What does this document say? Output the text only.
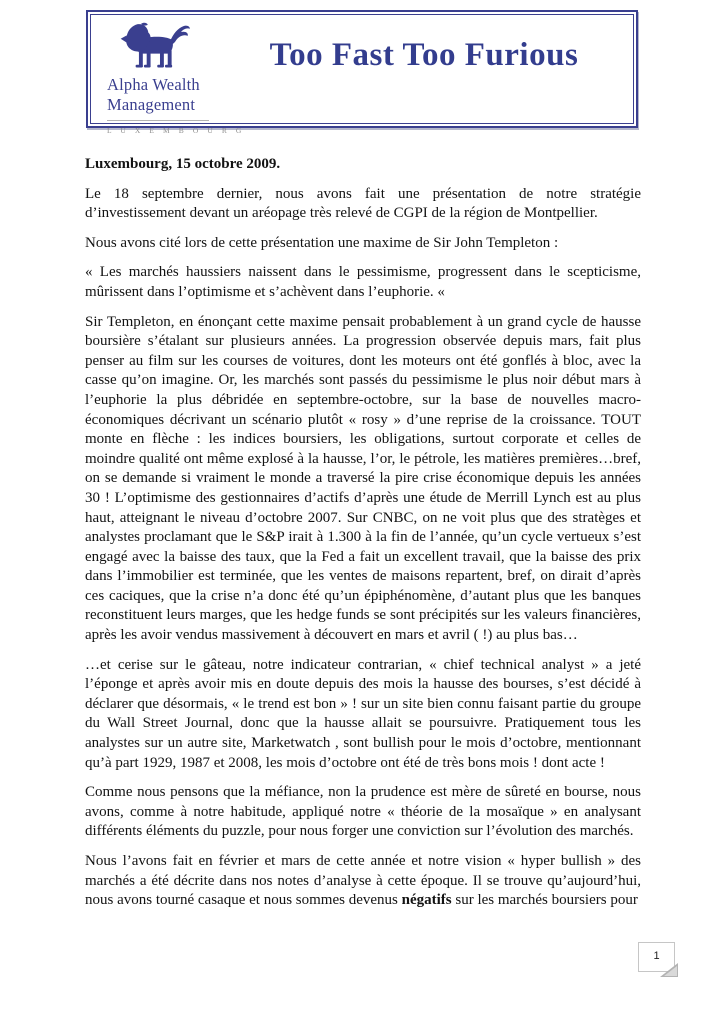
Alpha Wealth
Management
L U X E M B O U R G
Too Fast Too Furious

Luxembourg, 15 octobre 2009.

Le 18 septembre dernier, nous avons fait une présentation de notre stratégie d’investissement devant un aréopage très relevé de CGPI de la région de Montpellier.

Nous avons cité lors de cette présentation une maxime de Sir John Templeton :

« Les marchés haussiers naissent dans le pessimisme, progressent dans le scepticisme, mûrissent dans l’optimisme et s’achèvent dans l’euphorie. «

Sir Templeton, en énonçant cette maxime pensait probablement à un grand cycle de hausse boursière s’étalant sur plusieurs années. La progression observée depuis mars, fait plus penser au film sur les courses de voitures, dont les moteurs ont été gonflés à bloc, avec la casse qu’on imagine. Or, les marchés sont passés du pessimisme le plus noir début mars à l’euphorie la plus débridée en septembre-octobre, sur la base de nouvelles macro-économiques décrivant un scénario plutôt « rosy » d’une reprise de la croissance. TOUT monte en flèche : les indices boursiers, les obligations, surtout corporate et celles de moindre qualité ont même explosé à la hausse, l’or, le pétrole, les matières premières…bref, on se demande si vraiment le monde a traversé la pire crise économique depuis les années 30 ! L’optimisme des gestionnaires d’actifs d’après une étude de Merrill Lynch est au plus haut, atteignant le niveau d’octobre 2007. Sur CNBC, on ne voit plus que des stratèges et analystes proclamant que le S&P irait à 1.300 à la fin de l’année, qu’un cycle vertueux s’est engagé avec la baisse des taux, que la Fed a fait un excellent travail, que la baisse des prix dans l’immobilier est terminée, que les ventes de maisons repartent, bref, on dirait d’après ces caciques, que la crise n’a donc été qu’un épiphénomène, d’autant plus que les banques reconstituent leurs marges, que les hedge funds se sont précipités sur les valeurs financières, après les avoir vendus massivement à découvert en mars et avril ( !) au plus bas…

…et cerise sur le gâteau, notre indicateur contrarian, « chief technical analyst » a jeté l’éponge et après avoir mis en doute depuis des mois la hausse des bourses, s’est décidé à déclarer que désormais, « le trend est bon » ! sur un site bien connu faisant partie du groupe du Wall Street Journal, donc que la hausse allait se poursuivre. Pratiquement tous les analystes sur un autre site, Marketwatch , sont bullish pour le mois d’octobre, mentionnant qu’à part 1929, 1987 et 2008, les mois d’octobre ont été de très bons mois ! dont acte !

Comme nous pensons que la méfiance, non la prudence est mère de sûreté en bourse, nous avons, comme à notre habitude, appliqué notre « théorie de la mosaïque » en analysant différents éléments du puzzle, pour nous forger une conviction sur l’évolution des marchés.

Nous l’avons fait en février et mars de cette année et notre vision « hyper bullish » des marchés a été décrite dans nos notes d’analyse à cette époque. Il se trouve qu’aujourd’hui, nous avons tourné casaque et nous sommes devenus négatifs sur les marchés boursiers pour

1
